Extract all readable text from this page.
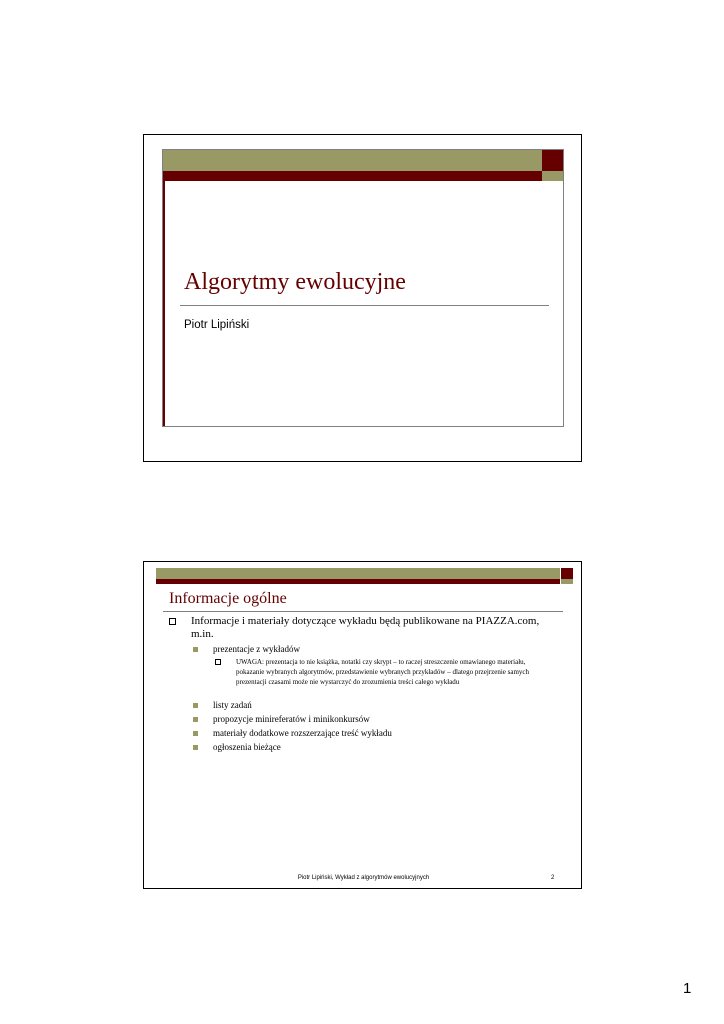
Algorytmy ewolucyjne
Piotr Lipiński
Informacje ogólne
Informacje i materiały dotyczące wykładu będą publikowane na PIAZZA.com, m.in.
prezentacje z wykładów
UWAGA: prezentacja to nie książka, notatki czy skrypt – to raczej streszczenie omawianego materiału, pokazanie wybranych algorytmów, przedstawienie wybranych przykładów – dlatego przejrzenie samych prezentacji czasami może nie wystarczyć do zrozumienia treści całego wykładu
listy zadań
propozycje minireferatów i minikonkursów
materiały dodatkowe rozszerzające treść wykładu
ogłoszenia bieżące
Piotr Lipiński, Wykład z algorytmów ewolucyjnych	2
1
